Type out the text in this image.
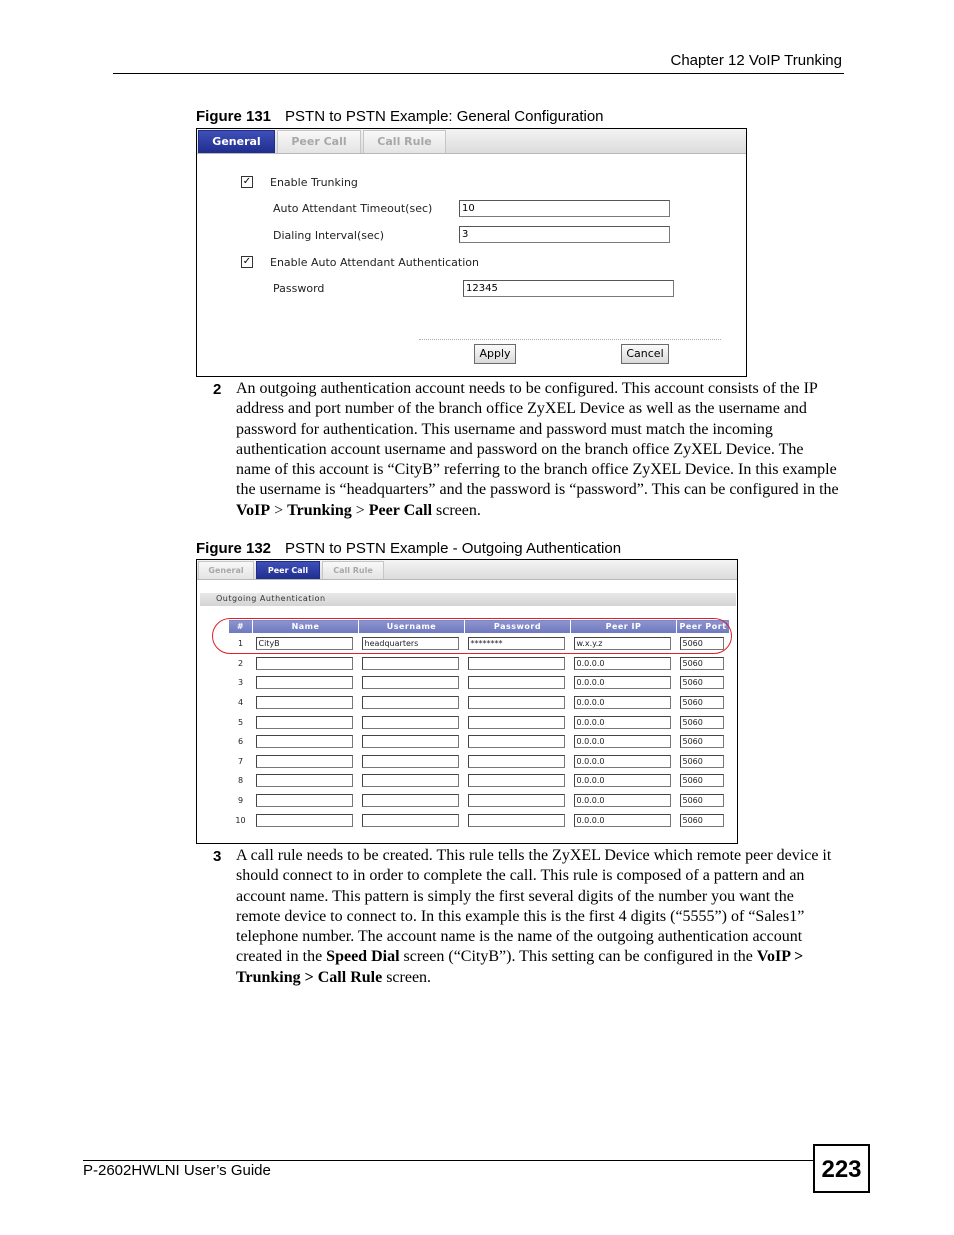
Chapter 12 VoIP Trunking
Figure 131 PSTN to PSTN Example: General Configuration
General	Peer Call	Call Rule
✓ Enable Trunking
Auto Attendant Timeout(sec)	10
Dialing Interval(sec)	3
✓ Enable Auto Attendant Authentication
Password	12345
Apply	Cancel
2 An outgoing authentication account needs to be configured. This account consists of the IP address and port number of the branch office ZyXEL Device as well as the username and password for authentication. This username and password must match the incoming authentication account username and password on the branch office ZyXEL Device. The name of this account is “CityB” referring to the branch office ZyXEL Device. In this example the username is “headquarters” and the password is “password”. This can be configured in the VoIP > Trunking > Peer Call screen.
Figure 132 PSTN to PSTN Example - Outgoing Authentication
General	Peer Call	Call Rule
Outgoing Authentication
#	Name	Username	Password	Peer IP	Peer Port
1	CityB	headquarters	********	w.x.y.z	5060

2				0.0.0.0	5060

3				0.0.0.0	5060

4				0.0.0.0	5060

5				0.0.0.0	5060

6				0.0.0.0	5060

7				0.0.0.0	5060

8				0.0.0.0	5060

9				0.0.0.0	5060

10				0.0.0.0	5060
3 A call rule needs to be created. This rule tells the ZyXEL Device which remote peer device it should connect to in order to complete the call. This rule is composed of a pattern and an account name. This pattern is simply the first several digits of the number you want the remote device to connect to. In this example this is the first 4 digits (“5555”) of “Sales1” telephone number. The account name is the name of the outgoing authentication account created in the Speed Dial screen (“CityB”). This setting can be configured in the VoIP > Trunking > Call Rule screen.
P-2602HWLNI User’s Guide	223
